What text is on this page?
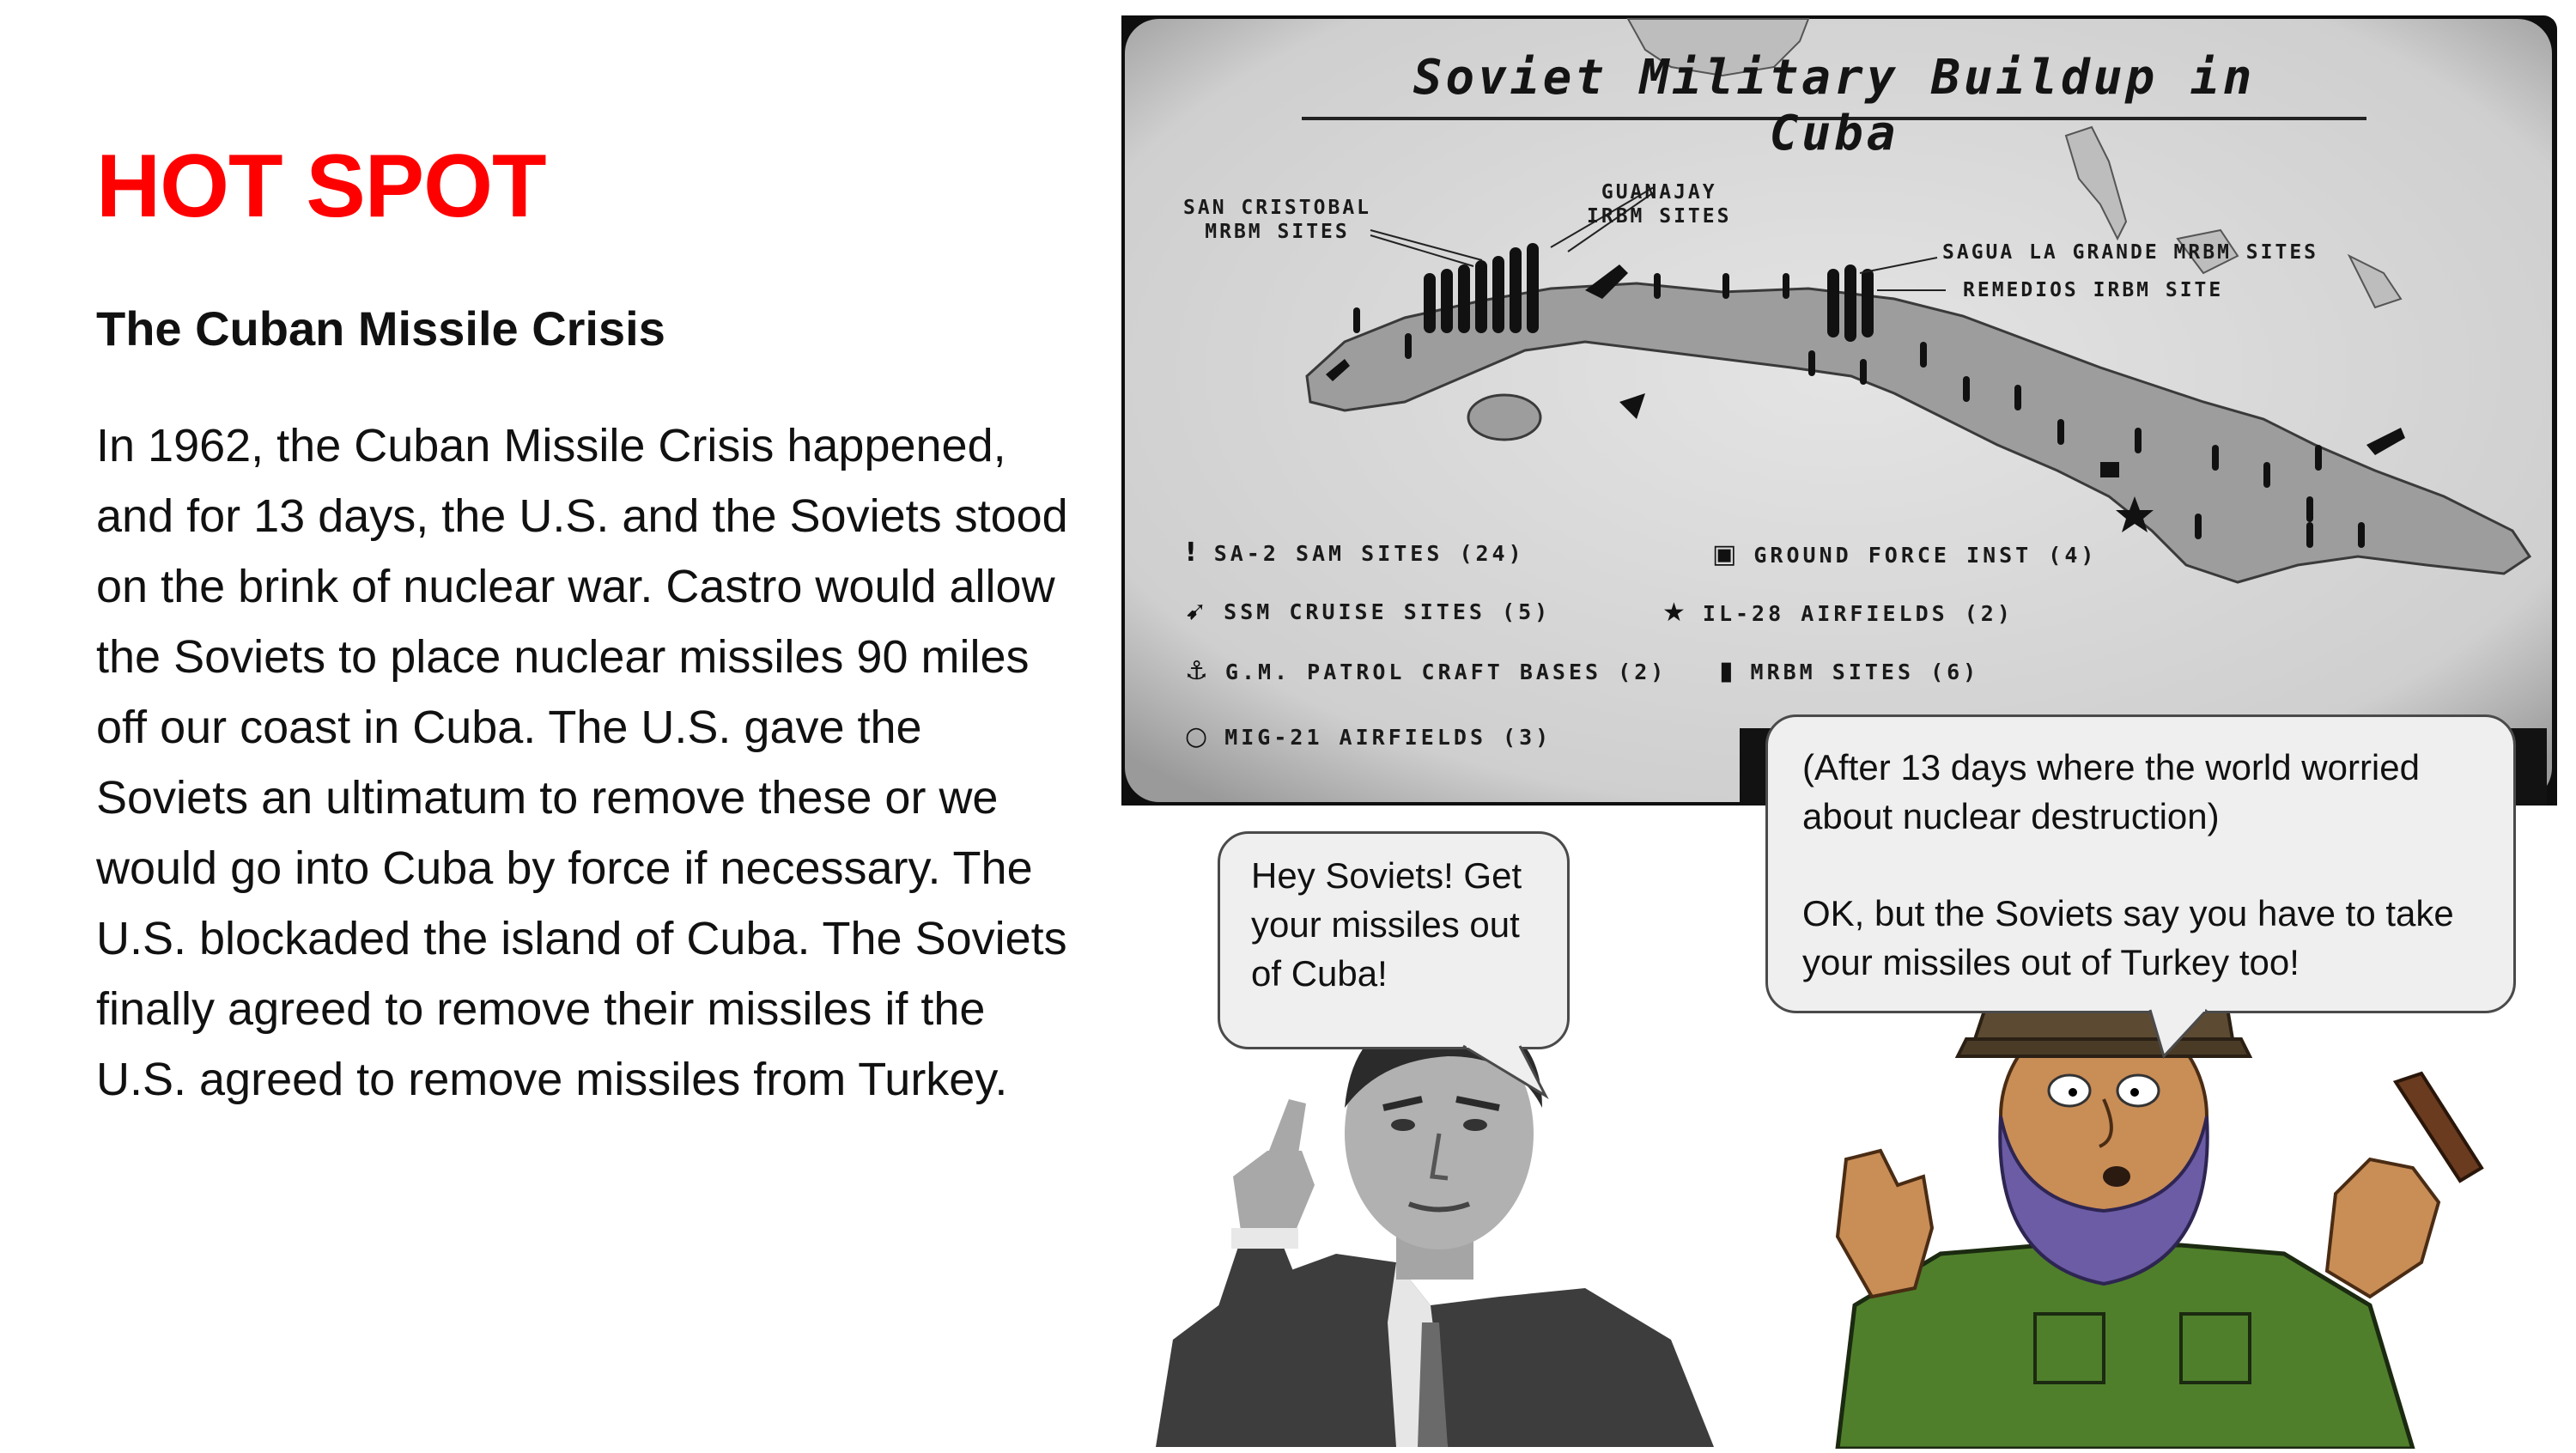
HOT SPOT
The Cuban Missile Crisis

In 1962, the Cuban Missile Crisis happened, and for 13 days, the U.S. and the Soviets stood on the brink of nuclear war. Castro would allow the Soviets to place nuclear missiles 90 miles off our coast in Cuba. The U.S. gave the Soviets an ultimatum to remove these or we would go into Cuba by force if necessary. The U.S. blockaded the island of Cuba. The Soviets finally agreed to remove their missiles if the U.S. agreed to remove missiles from Turkey.

Soviet Military Buildup in Cuba
SAN CRISTOBAL
MRBM SITES
GUANAJAY
IRBM SITES
SAGUA LA GRANDE MRBM SITES
REMEDIOS IRBM SITE
! SA-2 SAM SITES (24)
➹ SSM CRUISE SITES (5)
⚓ G.M. PATROL CRAFT BASES (2)
○ MIG-21 AIRFIELDS (3)
▣ GROUND FORCE INST (4)
★ IL-28 AIRFIELDS (2)
▮ MRBM SITES (6)

Hey Soviets! Get your missiles out of Cuba!

(After 13 days where the world worried about nuclear destruction)

OK, but the Soviets say you have to take your missiles out of Turkey too!
